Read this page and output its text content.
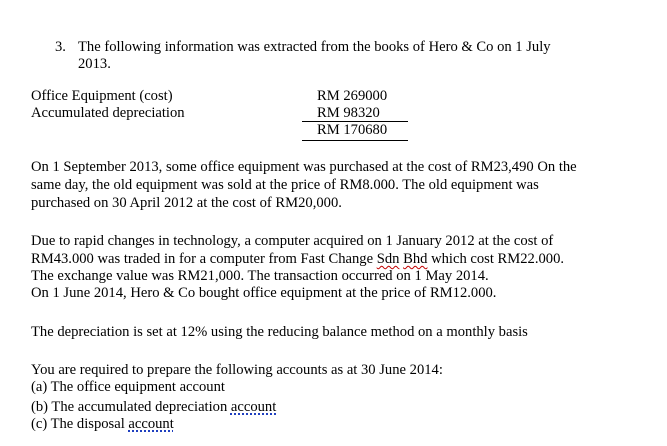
3. The following information was extracted from the books of Hero & Co on 1 July
2013.
Office Equipment (cost)	RM 269000
Accumulated depreciation	RM 98320
RM 170680
On 1 September 2013, some office equipment was purchased at the cost of RM23,490 On the
same day, the old equipment was sold at the price of RM8.000. The old equipment was
purchased on 30 April 2012 at the cost of RM20,000.
Due to rapid changes in technology, a computer acquired on 1 January 2012 at the cost of
RM43.000 was traded in for a computer from Fast Change Sdn Bhd which cost RM22.000.
The exchange value was RM21,000. The transaction occurred on 1 May 2014.
On 1 June 2014, Hero & Co bought office equipment at the price of RM12.000.
The depreciation is set at 12% using the reducing balance method on a monthly basis
You are required to prepare the following accounts as at 30 June 2014:
(a) The office equipment account
(b) The accumulated depreciation account
(c) The disposal account
